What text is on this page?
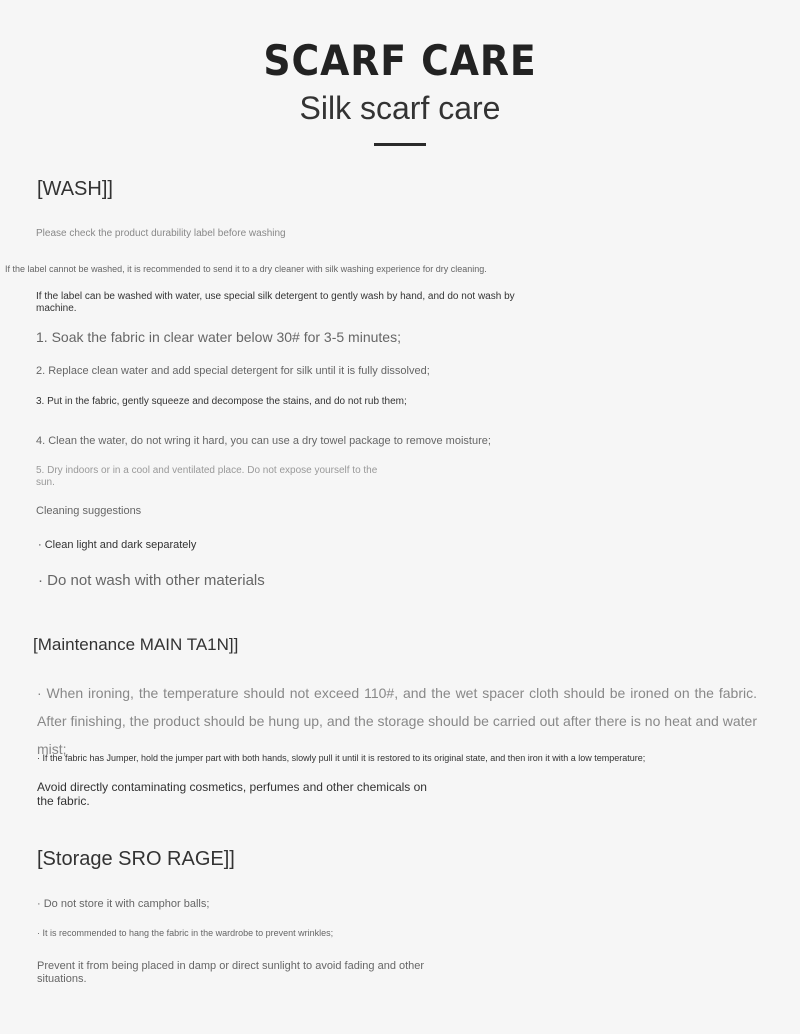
SCARF CARE
Silk scarf care
[WASH]]
Please check the product durability label before washing
If the label cannot be washed, it is recommended to send it to a dry cleaner with silk washing experience for dry cleaning.
If the label can be washed with water, use special silk detergent to gently wash by hand, and do not wash by machine.
1. Soak the fabric in clear water below 30# for 3-5 minutes;
2. Replace clean water and add special detergent for silk until it is fully dissolved;
3. Put in the fabric, gently squeeze and decompose the stains, and do not rub them;
4. Clean the water, do not wring it hard, you can use a dry towel package to remove moisture;
5. Dry indoors or in a cool and ventilated place. Do not expose yourself to the sun.
Cleaning suggestions
· Clean light and dark separately
· Do not wash with other materials
[Maintenance MAIN TA1N]]
· When ironing, the temperature should not exceed 110#, and the wet spacer cloth should be ironed on the fabric. After finishing, the product should be hung up, and the storage should be carried out after there is no heat and water mist;
· If the fabric has Jumper, hold the jumper part with both hands, slowly pull it until it is restored to its original state, and then iron it with a low temperature;
Avoid directly contaminating cosmetics, perfumes and other chemicals on the fabric.
[Storage SRO RAGE]]
· Do not store it with camphor balls;
· It is recommended to hang the fabric in the wardrobe to prevent wrinkles;
Prevent it from being placed in damp or direct sunlight to avoid fading and other situations.
